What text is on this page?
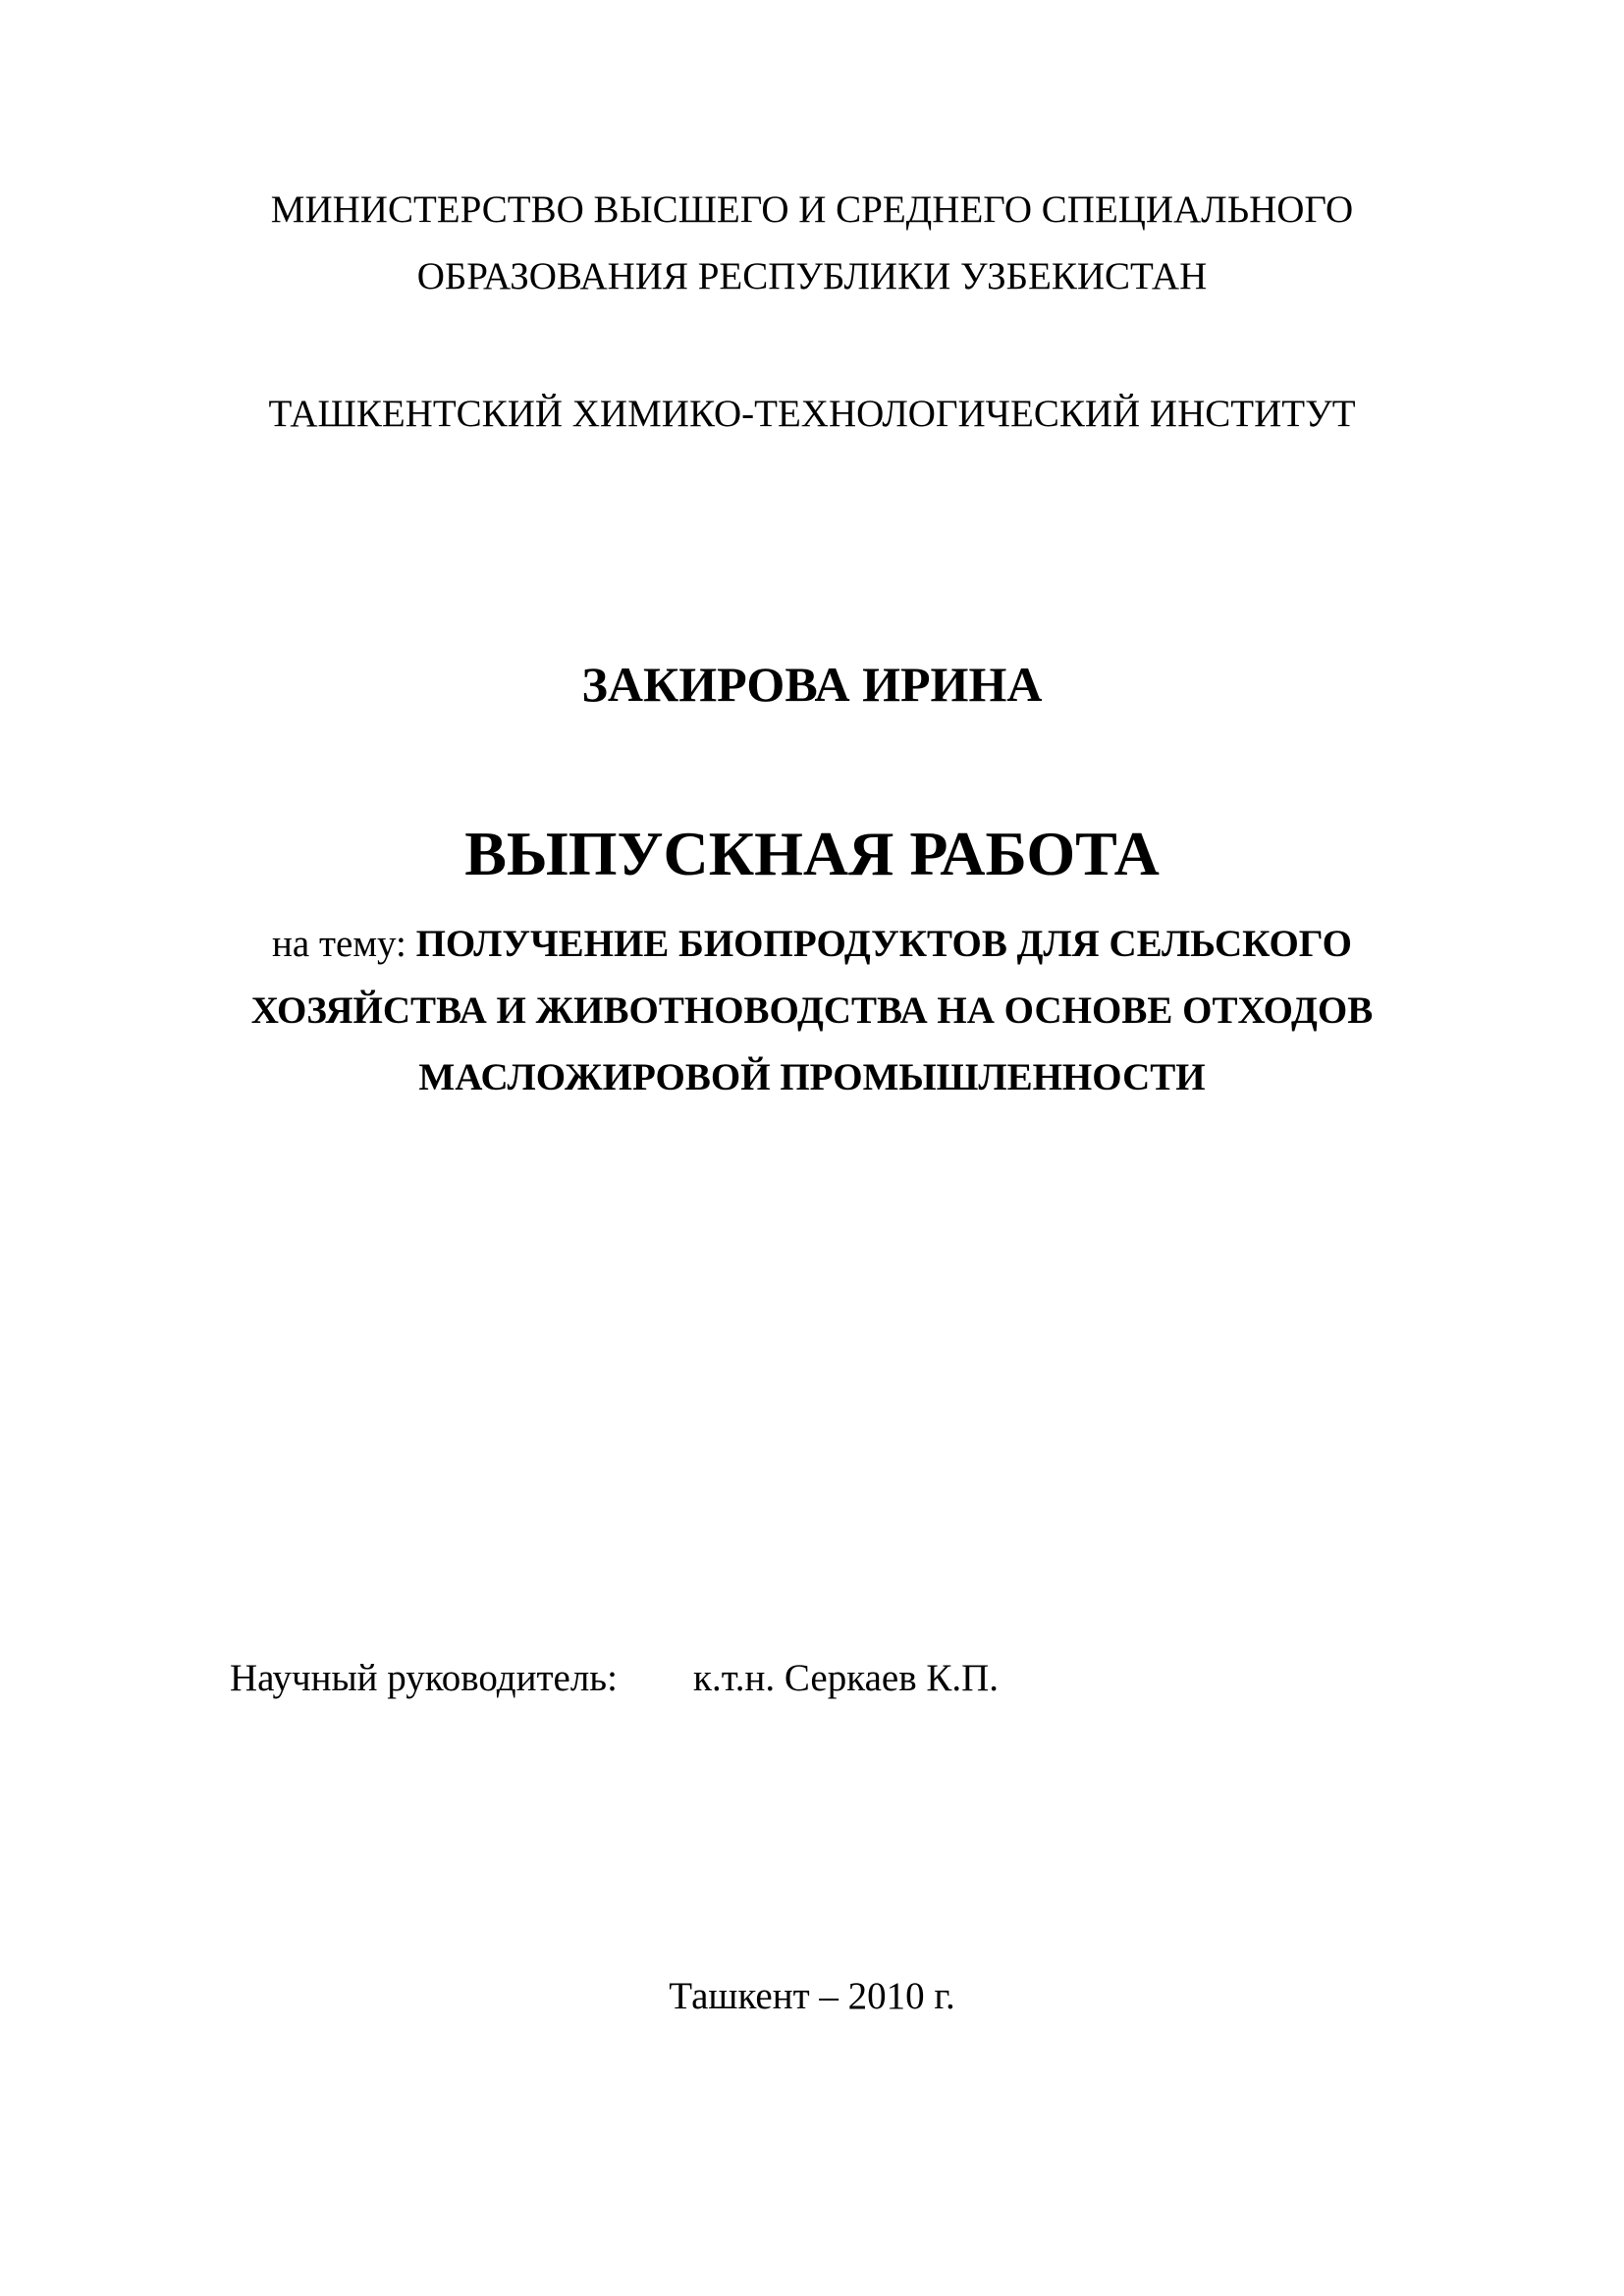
МИНИСТЕРСТВО ВЫСШЕГО И СРЕДНЕГО СПЕЦИАЛЬНОГО
ОБРАЗОВАНИЯ РЕСПУБЛИКИ УЗБЕКИСТАН
ТАШКЕНТСКИЙ ХИМИКО-ТЕХНОЛОГИЧЕСКИЙ ИНСТИТУТ
ЗАКИРОВА ИРИНА
ВЫПУСКНАЯ РАБОТА
на тему: ПОЛУЧЕНИЕ БИОПРОДУКТОВ ДЛЯ СЕЛЬСКОГО
ХОЗЯЙСТВА И ЖИВОТНОВОДСТВА НА ОСНОВЕ ОТХОДОВ
МАСЛОЖИРОВОЙ ПРОМЫШЛЕННОСТИ
Научный руководитель: к.т.н. Серкаев К.П.
Ташкент – 2010 г.
